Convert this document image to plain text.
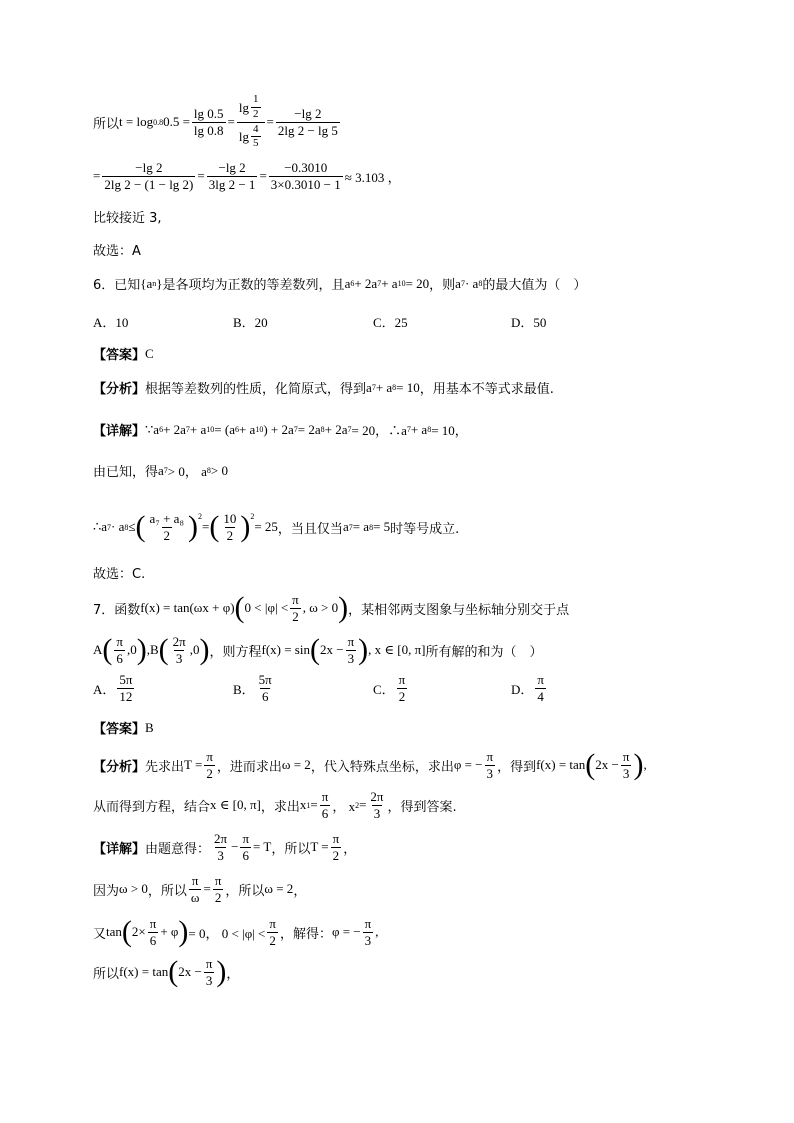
所以 t = log 0.8 $0.5 = \frac{\lg 0.5}{\lg 0.8} = \frac{\lg \frac{1}{2}}{\lg \frac{4}{5}} = \frac{-\lg 2}{2\lg 2 - \lg 5}$
= $\frac{-\lg 2}{2\lg 2 - (1 - \lg 2)} = \frac{-\lg 2}{3\lg 2 - 1} = \frac{-0.3010}{3\times 0.3010 - 1} \approx 3.103$ ，
比较接近 3,
故选：A
6．已知 {a n } 是各项均为正数的等差数列，且 a 6 + 2a 7 + a 10 = 20 ，则 a 7 · a 8 的最大值为（　）
A．10	B．20	C．25	D．50
【答案】 C
【分析】 根据等差数列的性质，化简原式，得到 a 7 + a 8 = 10 ，用基本不等式求最值.
【详解】 ∵a 6 + 2a 7 + a 10 = (a 6 + a 10 ) + 2a 7 = 2a 8 + 2a 7 = 20，∴a 7 + a 8 = 10，
由已知，得 a 7 > 0， a 8 > 0
∴a 7 · a 8 ≤ ( $\frac{\text{a₇ + a₈}}{2} )^2$
= ( $\frac{10}{2} )^2$
= 25 ，当且仅当 a 7 = a 8 = 5 时等号成立.
故选：C.
7．函数 f(x) = tan(ωx + φ) ( $0 < |\varphi| < \frac{\pi}{2}$ , ω > 0 ) ，某相邻两支图象与坐标轴分别交于点
A ( $\frac{\pi}{6} ,0$ ) ,B ( $\frac{2\pi}{3} ,0$ ) ，则方程 f(x) = sin ( $2x - \frac{\pi}{3}$ ) , x ∈ [0, π] 所有解的和为（　）
A． $\frac{5\pi}{12}$	B． $\frac{5\pi}{6}$	C． $\frac{\pi}{2}$	D． $\frac{\pi}{4}$
【答案】 B
【分析】 先求出 $T = \frac{\pi}{2}$ ，进而求出 ω = 2 ，代入特殊点坐标，求出 φ = − $\frac{\pi}{3}$ ，得到 f(x) = tan ( $2x - \frac{\pi}{3}$ ) ,
从而得到方程，结合 x ∈ [0, π] ，求出 x $1 = \frac{\pi}{6}$ ， x $2 = \frac{2\pi}{3}$ ，得到答案.
【详解】 由题意得： $\frac{2\pi}{3} - \frac{\pi}{6} = T$ ，所以 $T = \frac{\pi}{2}$ ，
因为 ω > 0 ，所以 $\frac{\pi}{\omega} = \frac{\pi}{2}$ ，所以 ω = 2 ，
又 tan ( $2\times \frac{\pi}{6} + \varphi$ ) = 0， $0 < |\varphi| < \frac{\pi}{2}$ ，解得： φ = − $\frac{\pi}{3}$ ,
所以 f(x) = tan ( $2x - \frac{\pi}{3}$ ) ，
